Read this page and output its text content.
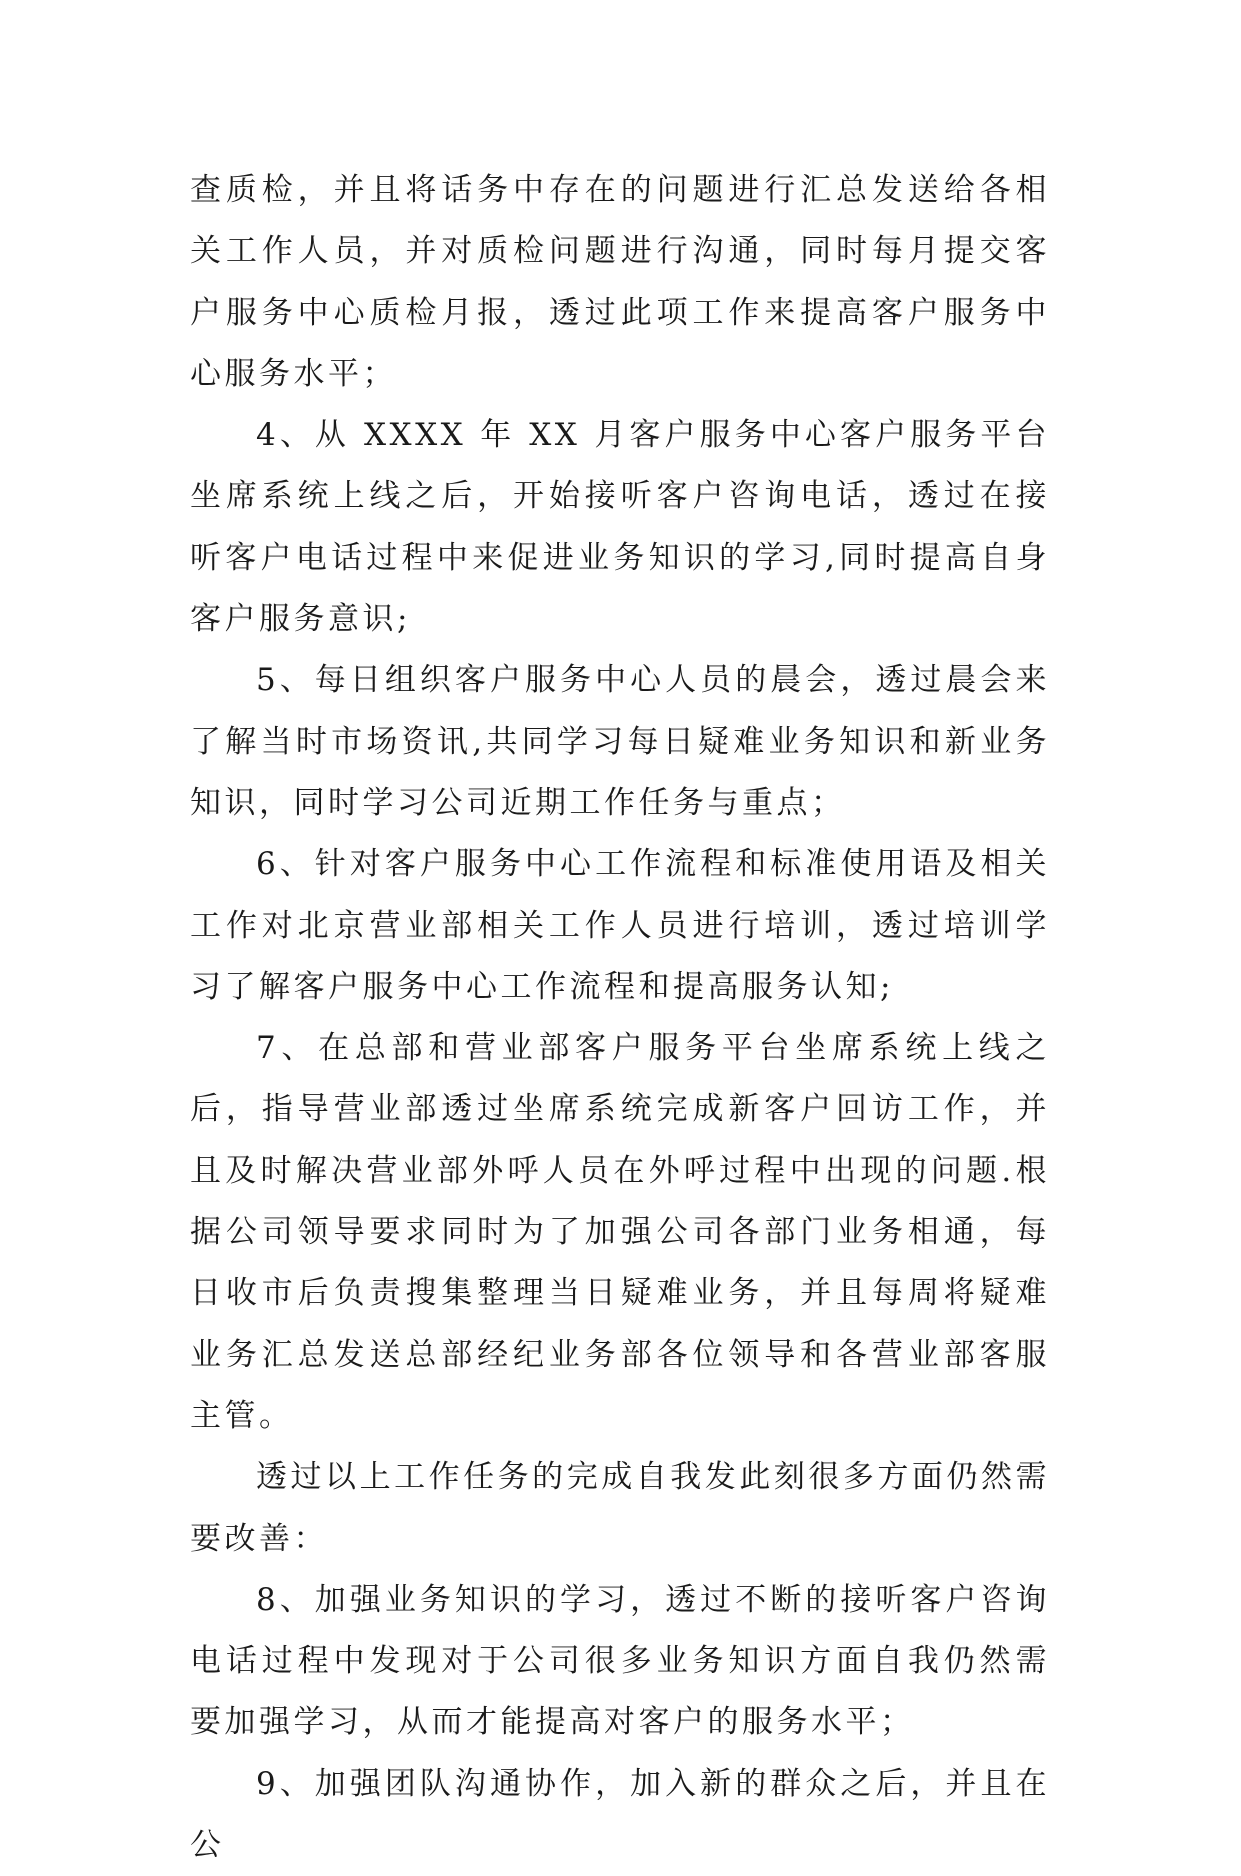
查质检，并且将话务中存在的问题进行汇总发送给各相关工作人员，并对质检问题进行沟通，同时每月提交客户服务中心质检月报，透过此项工作来提高客户服务中心服务水平；

4、从 XXXX 年 XX 月客户服务中心客户服务平台坐席系统上线之后，开始接听客户咨询电话，透过在接听客户电话过程中来促进业务知识的学习,同时提高自身客户服务意识;

5、每日组织客户服务中心人员的晨会，透过晨会来了解当时市场资讯,共同学习每日疑难业务知识和新业务知识，同时学习公司近期工作任务与重点；

6、针对客户服务中心工作流程和标准使用语及相关工作对北京营业部相关工作人员进行培训，透过培训学习了解客户服务中心工作流程和提高服务认知;

7、在总部和营业部客户服务平台坐席系统上线之后，指导营业部透过坐席系统完成新客户回访工作，并且及时解决营业部外呼人员在外呼过程中出现的问题.根据公司领导要求同时为了加强公司各部门业务相通，每日收市后负责搜集整理当日疑难业务，并且每周将疑难业务汇总发送总部经纪业务部各位领导和各营业部客服主管。

透过以上工作任务的完成自我发此刻很多方面仍然需要改善：

8、加强业务知识的学习，透过不断的接听客户咨询电话过程中发现对于公司很多业务知识方面自我仍然需要加强学习，从而才能提高对客户的服务水平；

9、加强团队沟通协作，加入新的群众之后，并且在公
